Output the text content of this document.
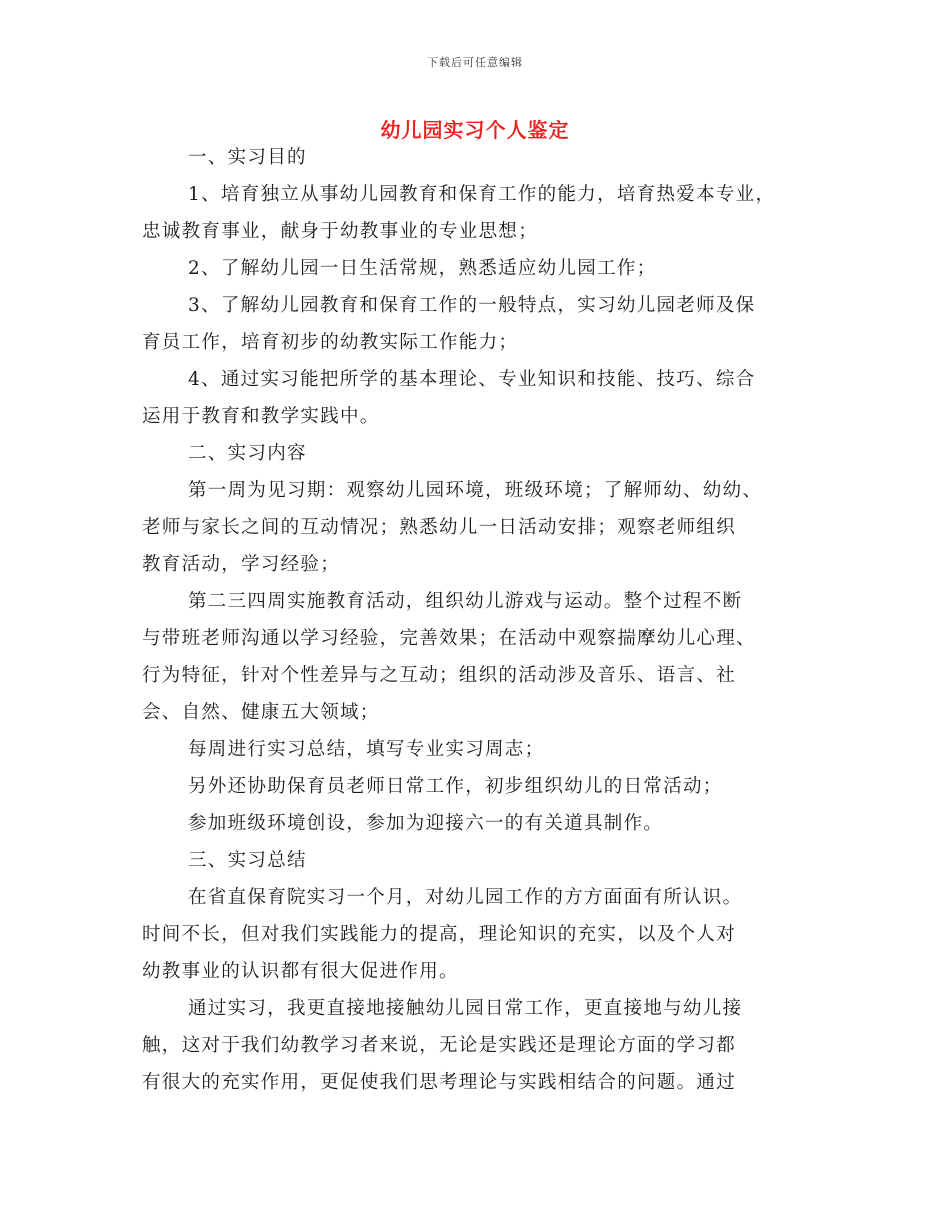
下载后可任意编辑
幼儿园实习个人鉴定

一、实习目的

1、培育独立从事幼儿园教育和保育工作的能力，培育热爱本专业，
忠诚教育事业，献身于幼教事业的专业思想；

2、了解幼儿园一日生活常规，熟悉适应幼儿园工作；

3、了解幼儿园教育和保育工作的一般特点，实习幼儿园老师及保
育员工作，培育初步的幼教实际工作能力；

4、通过实习能把所学的基本理论、专业知识和技能、技巧、综合
运用于教育和教学实践中。

二、实习内容

第一周为见习期：观察幼儿园环境，班级环境；了解师幼、幼幼、
老师与家长之间的互动情况；熟悉幼儿一日活动安排；观察老师组织
教育活动，学习经验；

第二三四周实施教育活动，组织幼儿游戏与运动。整个过程不断
与带班老师沟通以学习经验，完善效果；在活动中观察揣摩幼儿心理、
行为特征，针对个性差异与之互动；组织的活动涉及音乐、语言、社
会、自然、健康五大领域；

每周进行实习总结，填写专业实习周志；

另外还协助保育员老师日常工作，初步组织幼儿的日常活动；

参加班级环境创设，参加为迎接六一的有关道具制作。

三、实习总结

在省直保育院实习一个月，对幼儿园工作的方方面面有所认识。
时间不长，但对我们实践能力的提高，理论知识的充实，以及个人对
幼教事业的认识都有很大促进作用。

通过实习，我更直接地接触幼儿园日常工作，更直接地与幼儿接
触，这对于我们幼教学习者来说，无论是实践还是理论方面的学习都
有很大的充实作用，更促使我们思考理论与实践相结合的问题。通过
